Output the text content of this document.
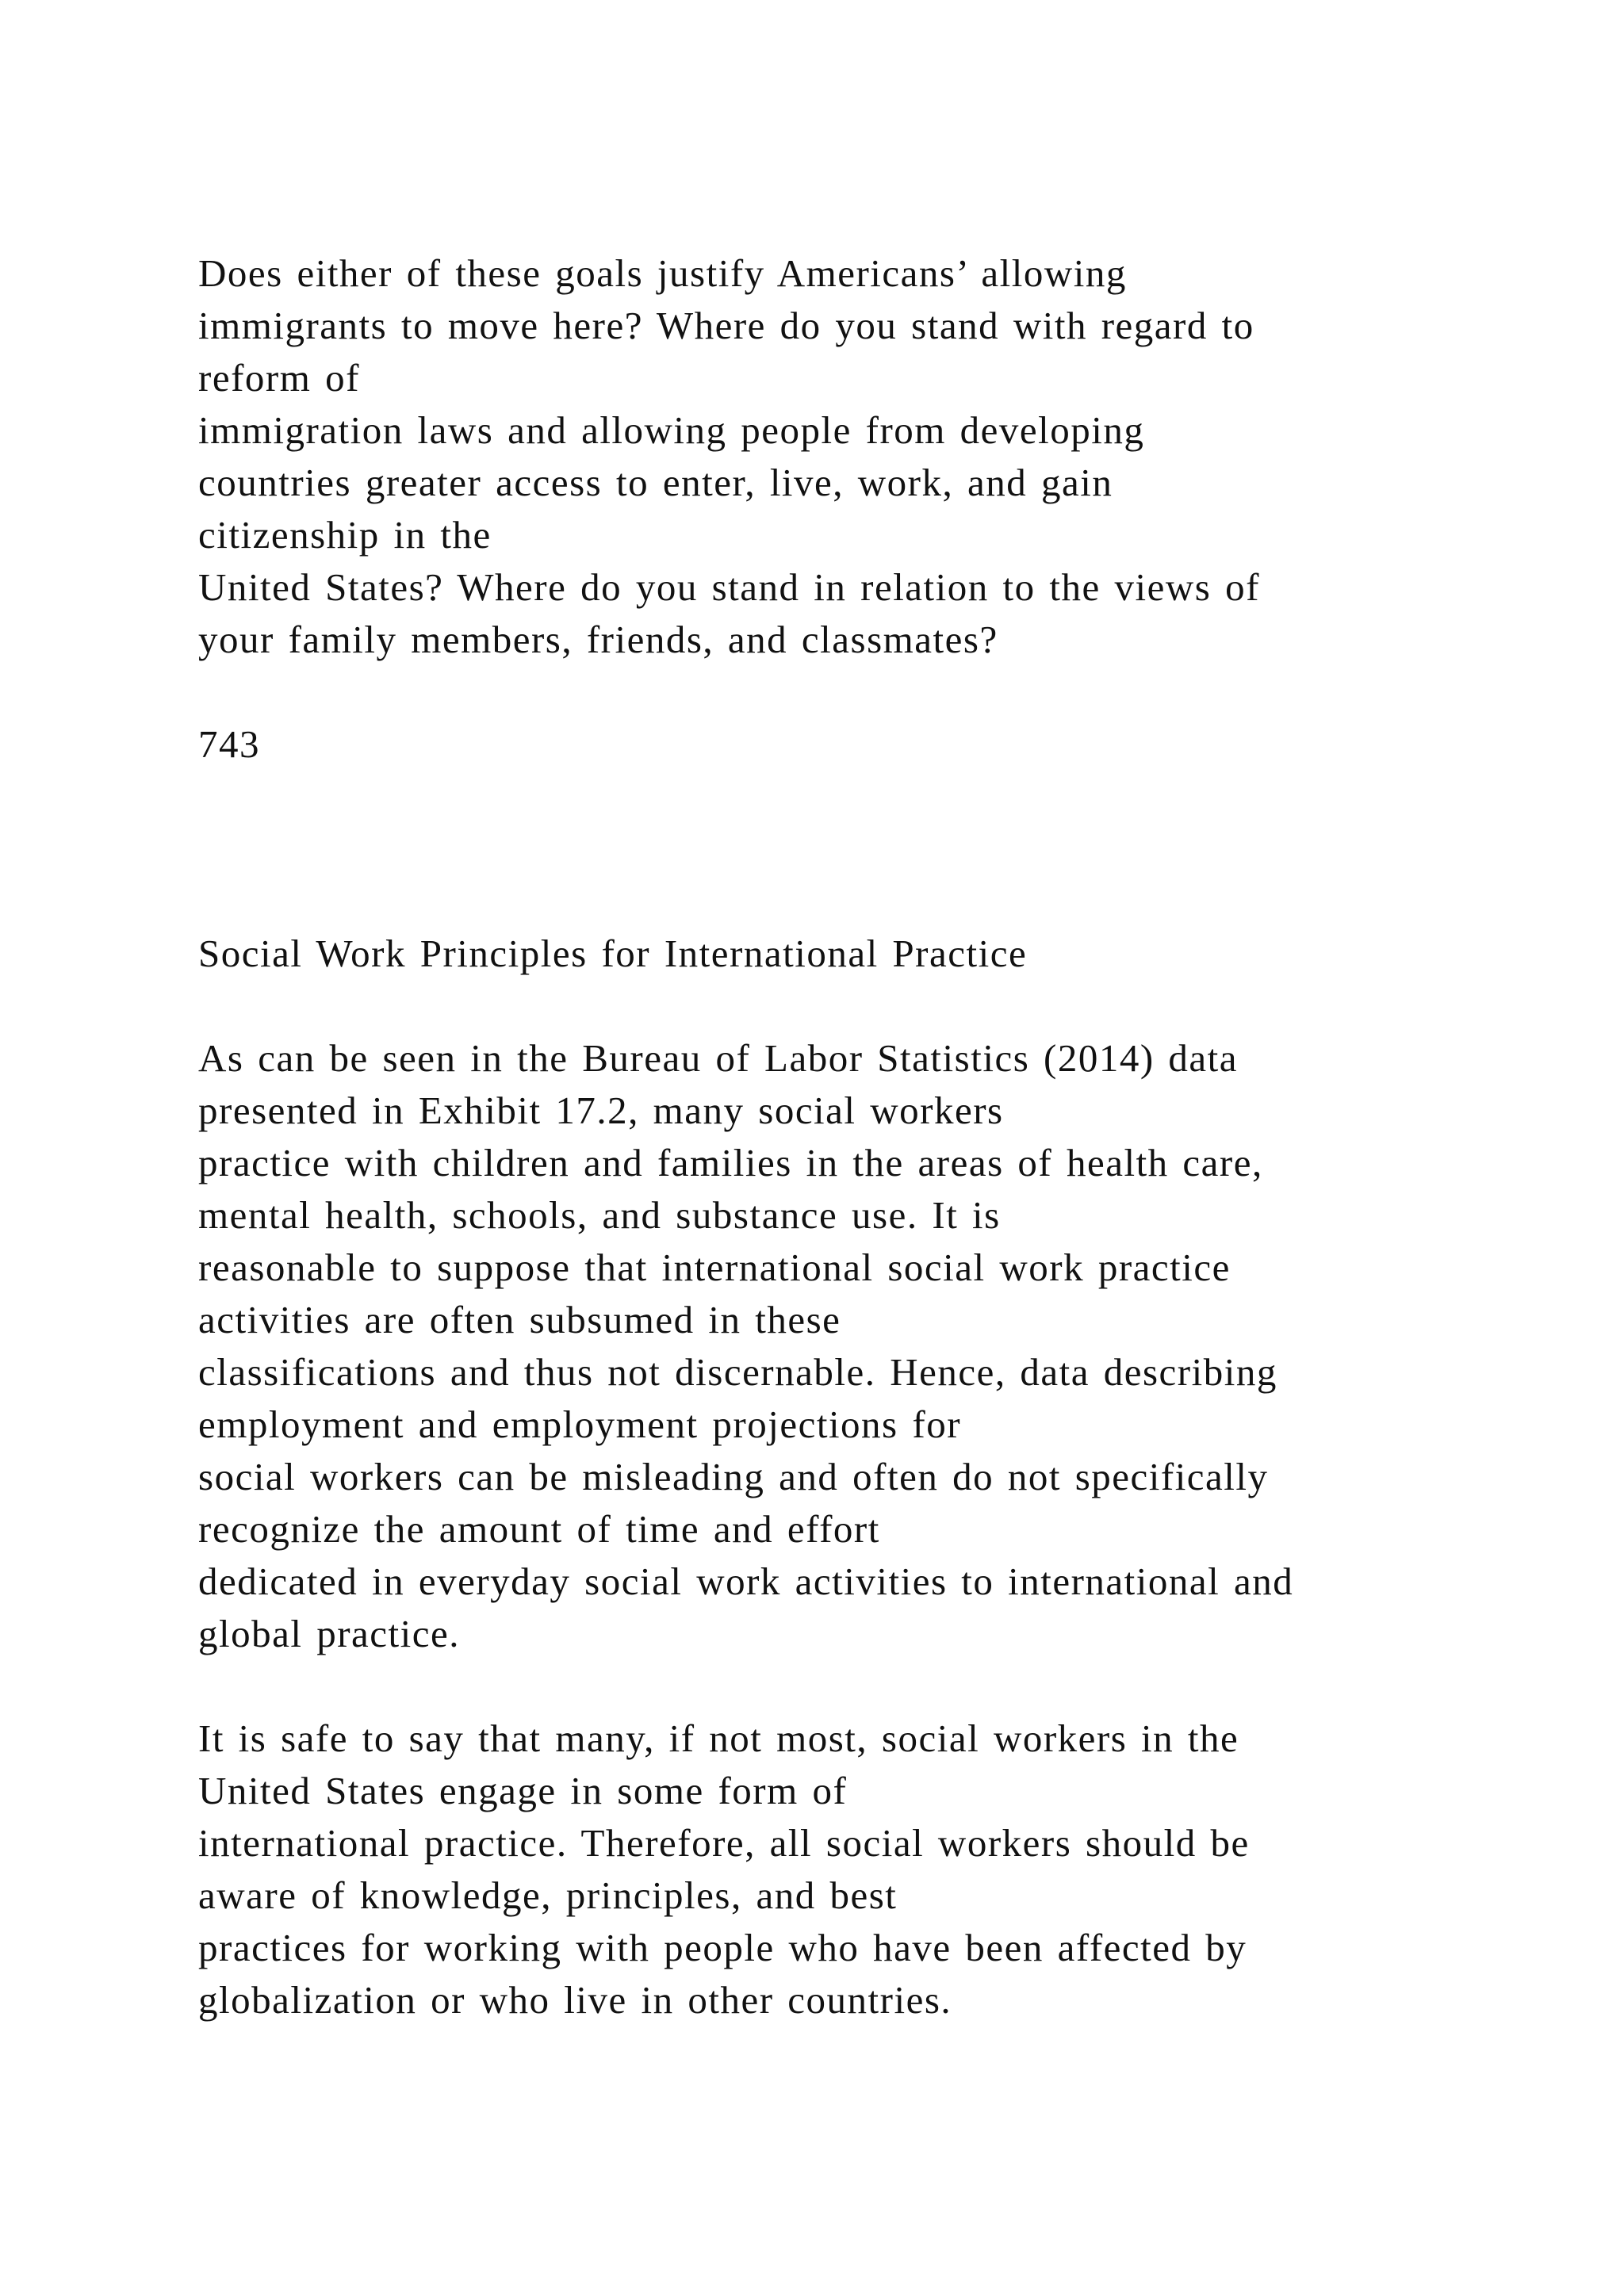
Does either of these goals justify Americans’ allowing

immigrants to move here? Where do you stand with regard to

reform of

immigration laws and allowing people from developing

countries greater access to enter, live, work, and gain

citizenship in the

United States? Where do you stand in relation to the views of

your family members, friends, and classmates?

743

Social Work Principles for International Practice

As can be seen in the Bureau of Labor Statistics (2014) data

presented in Exhibit 17.2, many social workers

practice with children and families in the areas of health care,

mental health, schools, and substance use. It is

reasonable to suppose that international social work practice

activities are often subsumed in these

classifications and thus not discernable. Hence, data describing

employment and employment projections for

social workers can be misleading and often do not specifically

recognize the amount of time and effort

dedicated in everyday social work activities to international and

global practice.

It is safe to say that many, if not most, social workers in the

United States engage in some form of

international practice. Therefore, all social workers should be

aware of knowledge, principles, and best

practices for working with people who have been affected by

globalization or who live in other countries.
